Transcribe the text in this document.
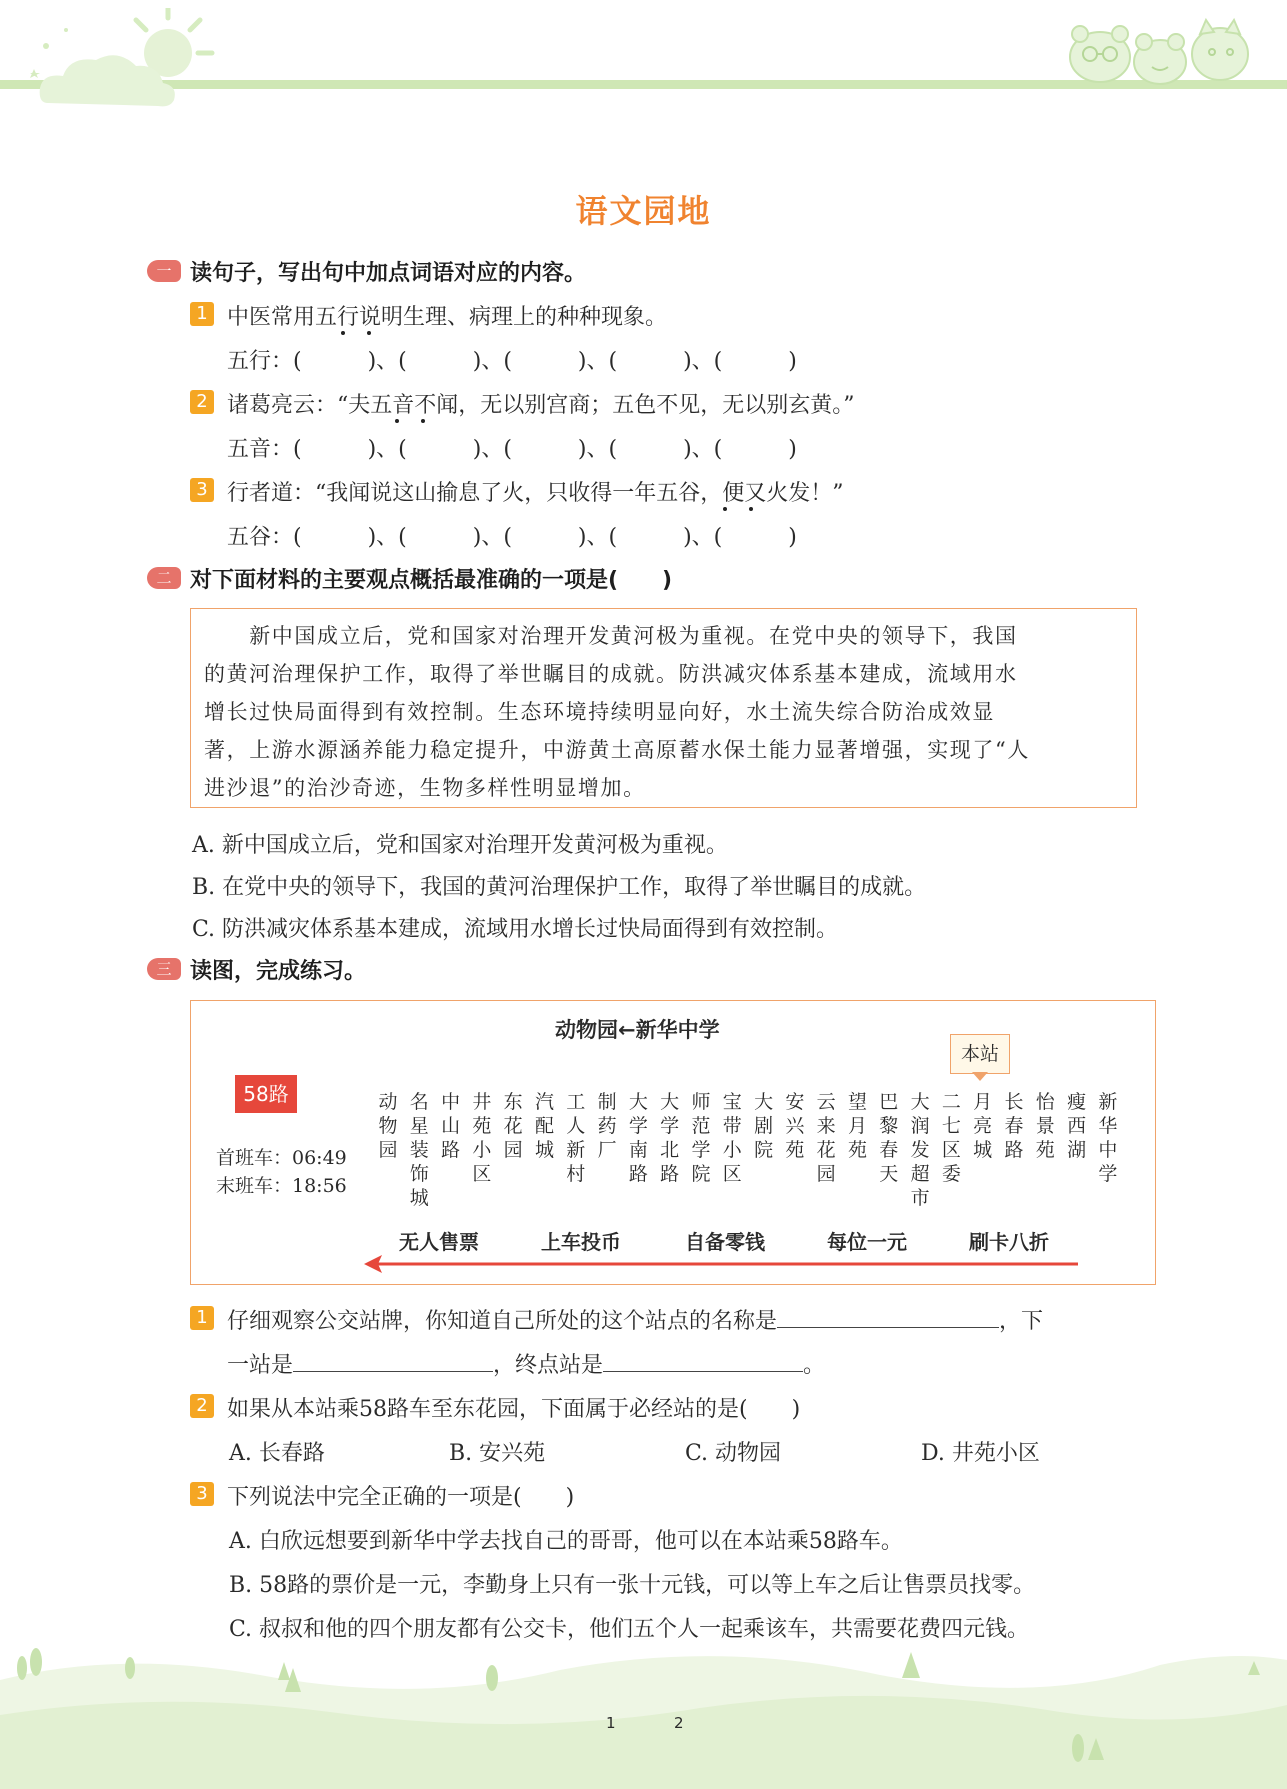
语文园地
一 读句子，写出句中加点词语对应的内容。
1 中医常用五行说明生理、病理上的种种现象。
五行：(　　　)、(　　　)、(　　　)、(　　　)、(　　　)
2 诸葛亮云：“夫五音不闻，无以别宫商；五色不见，无以别玄黄。”
五音：(　　　)、(　　　)、(　　　)、(　　　)、(　　　)
3 行者道：“我闻说这山揄息了火，只收得一年五谷，便又火发！”
五谷：(　　　)、(　　　)、(　　　)、(　　　)、(　　　)
二 对下面材料的主要观点概括最准确的一项是(　　)
　　新中国成立后，党和国家对治理开发黄河极为重视。在党中央的领导下，我国
的黄河治理保护工作，取得了举世瞩目的成就。防洪减灾体系基本建成，流域用水
增长过快局面得到有效控制。生态环境持续明显向好，水土流失综合防治成效显
著，上游水源涵养能力稳定提升，中游黄土高原蓄水保土能力显著增强，实现了“人
进沙退”的治沙奇迹，生物多样性明显增加。
A. 新中国成立后，党和国家对治理开发黄河极为重视。
B. 在党中央的领导下，我国的黄河治理保护工作，取得了举世瞩目的成就。
C. 防洪减灾体系基本建成，流域用水增长过快局面得到有效控制。
三 读图，完成练习。
动物园←新华中学
58路
首班车：06:49
末班车：18:56
本站
动物园
名星装饰城
中山路
井苑小区
东花园
汽配城
工人新村
制药厂
大学南路
大学北路
师范学院
宝带小区
大剧院
安兴苑
云来花园
望月苑
巴黎春天
大润发超市
二七区委
月亮城
长春路
怡景苑
瘦西湖
新华中学
无人售票	上车投币	自备零钱	每位一元	刷卡八折
1 仔细观察公交站牌，你知道自己所处的这个站点的名称是	，下
一站是	，终点站是	。
2 如果从本站乘58路车至东花园，下面属于必经站的是(　　)
A. 长春路	B. 安兴苑	C. 动物园	D. 井苑小区
3 下列说法中完全正确的一项是(　　)
A. 白欣远想要到新华中学去找自己的哥哥，他可以在本站乘58路车。
B. 58路的票价是一元，李勤身上只有一张十元钱，可以等上车之后让售票员找零。
C. 叔叔和他的四个朋友都有公交卡，他们五个人一起乘该车，共需要花费四元钱。
1	2
